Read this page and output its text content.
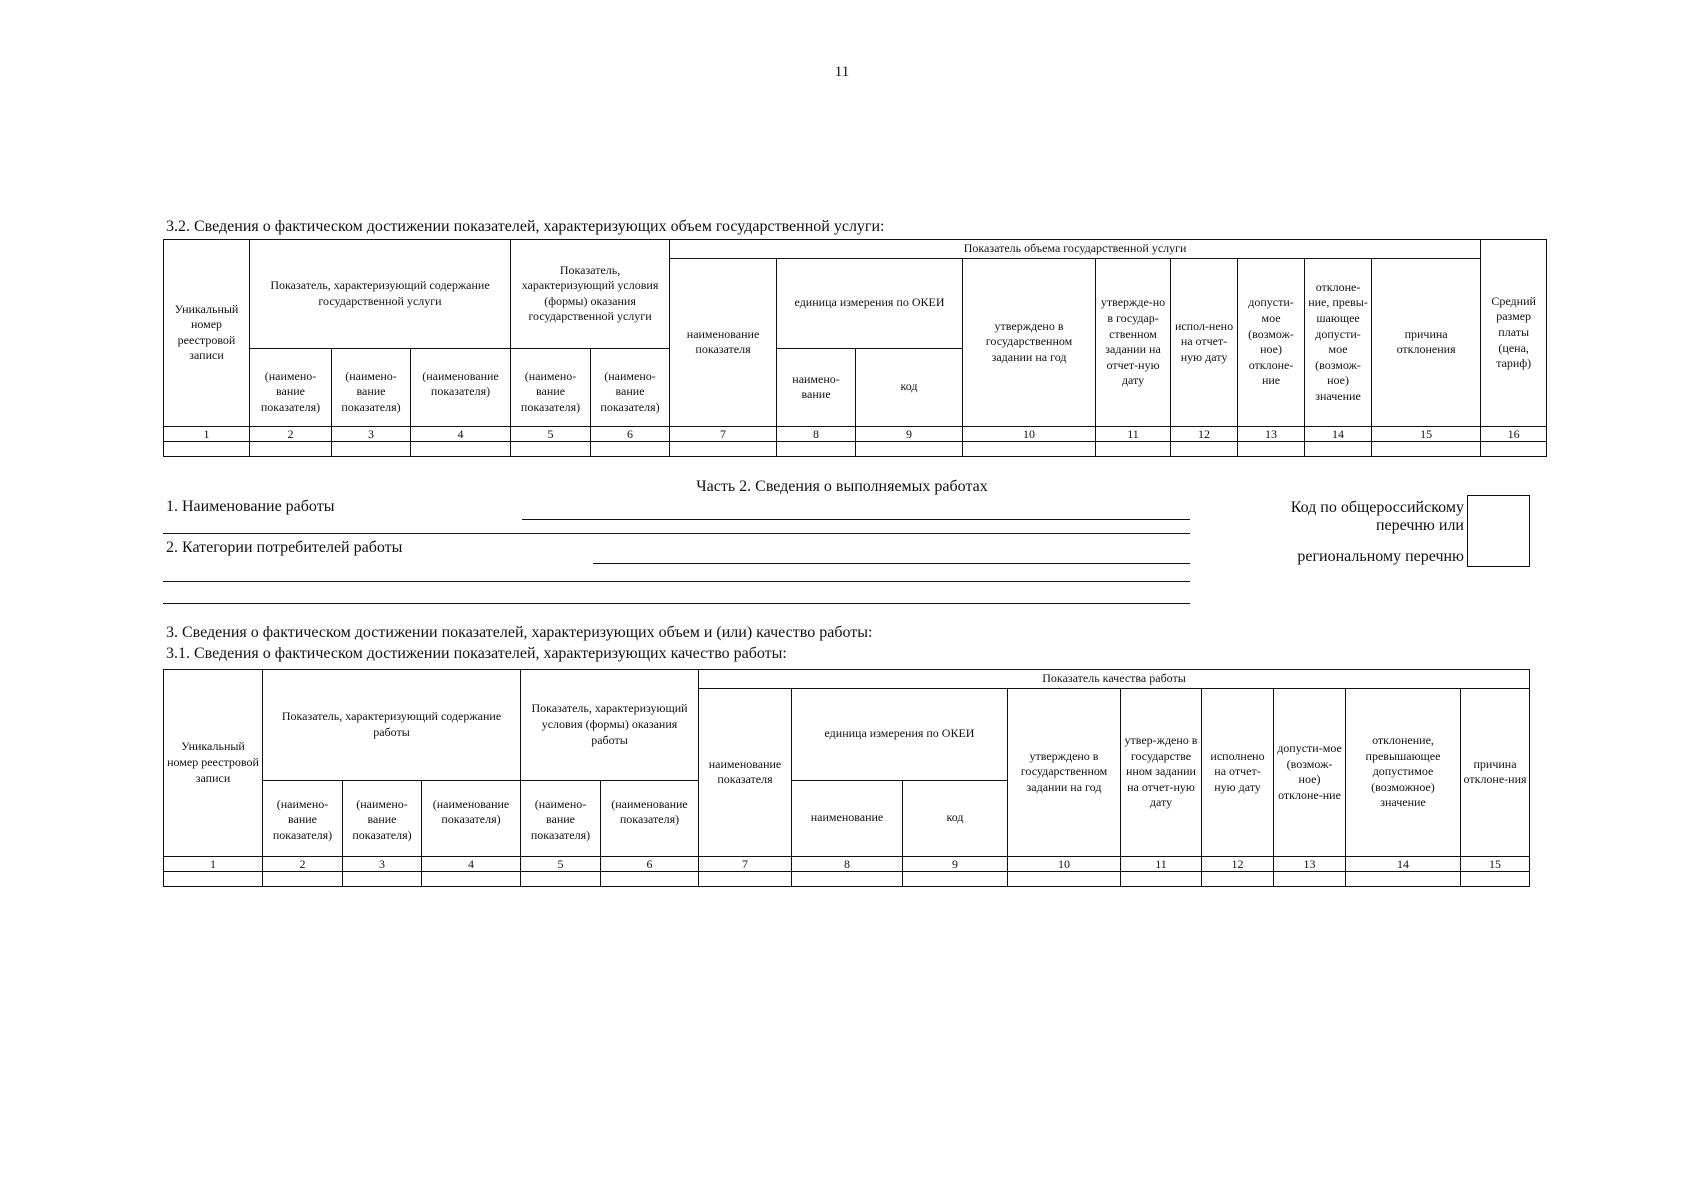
11
3.2. Сведения о фактическом достижении показателей, характеризующих объем государственной услуги:
Уникальный номер реестровой записи	Показатель, характеризующий содержание государственной услуги			Показатель, характеризующий условия (формы) оказания государственной услуги		Показатель объема государственной услуги									Средний размер платы (цена, тариф)
						наименование показателя	единица измерения по ОКЕИ		утверждено в государственном задании на год	утвержде-но в госудаp-ственном задании на отчет-ную дату	испол-нено на отчет-ную дату	допусти-мое (возмож-ное) отклоне-ние	отклоне-ние, превы-шающее допусти-мое (возмож-ное) значение	причина отклонения	
	(наимено-вание показателя)	(наимено-вание показателя)	(наименование показателя)	(наимено-вание показателя)	(наимено-вание показателя)		наимено-вание	код							
1	2	3	4	5	6	7	8	9	10	11	12	13	14	15	16

Часть 2. Сведения о выполняемых работах
1. Наименование работы
2. Категории потребителей работы
Код по общероссийскому
перечню или
региональному перечню
3. Сведения о фактическом достижении показателей, характеризующих объем и (или) качество работы:
3.1. Сведения о фактическом достижении показателей, характеризующих качество работы:
Уникальный номер реестровой записи	Показатель, характеризующий содержание работы			Показатель, характеризующий условия (формы) оказания работы		Показатель качества работы								
						наименование показателя	единица измерения по ОКЕИ		утверждено в государственном задании на год	утвер-ждено в государстве нном задании на отчет-ную дату	исполнено на отчет-ную дату	допусти-мое (возмож-ное) отклоне-ние	отклонение, превышающее допустимое (возможное) значение	причина отклоне-ния
	(наимено-вание показателя)	(наимено-вание показателя)	(наименование показателя)	(наимено-вание показателя)	(наименование показателя)		наименование	код						
1	2	3	4	5	6	7	8	9	10	11	12	13	14	15
